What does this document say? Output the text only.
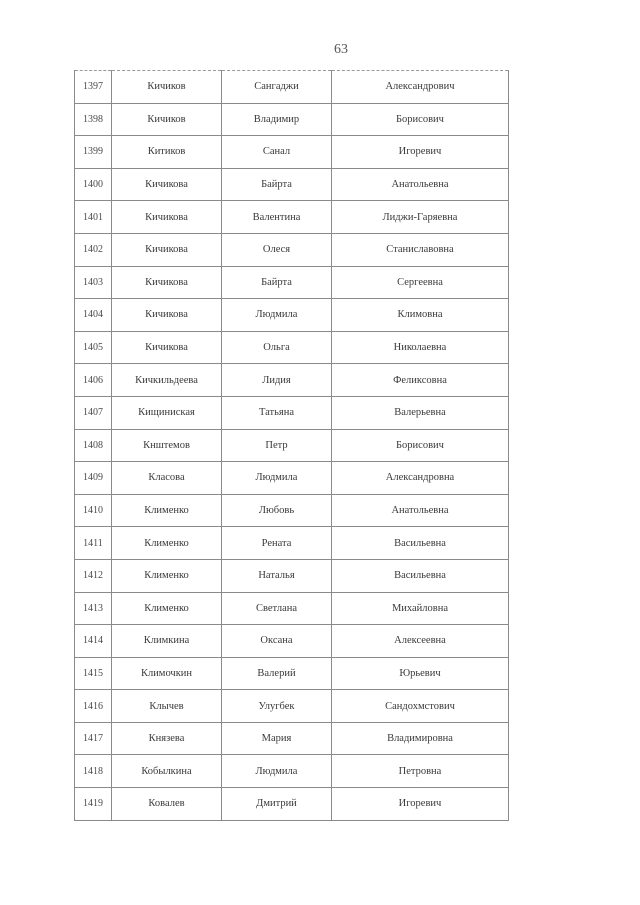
63
1397	Кичиков	Сангаджи	Александрович
1398	Кичиков	Владимир	Борисович
1399	Китиков	Санал	Игоревич
1400	Кичикова	Байрта	Анатольевна
1401	Кичикова	Валентина	Лиджи-Гаряевна
1402	Кичикова	Олеся	Станиславовна
1403	Кичикова	Байрта	Сергеевна
1404	Кичикова	Людмила	Климовна
1405	Кичикова	Ольга	Николаевна
1406	Кичкильдеева	Лидия	Феликсовна
1407	Кищиниская	Татьяна	Валерьевна
1408	Кнштемов	Петр	Борисович
1409	Класова	Людмила	Александровна
1410	Клименко	Любовь	Анатольевна
1411	Клименко	Рената	Васильевна
1412	Клименко	Наталья	Васильевна
1413	Клименко	Светлана	Михайловна
1414	Климкина	Оксана	Алексеевна
1415	Климочкин	Валерий	Юрьевич
1416	Клычев	Улугбек	Сандохмстович
1417	Князева	Мария	Владимировна
1418	Кобылкина	Людмила	Петровна
1419	Ковалев	Дмитрий	Игоревич
